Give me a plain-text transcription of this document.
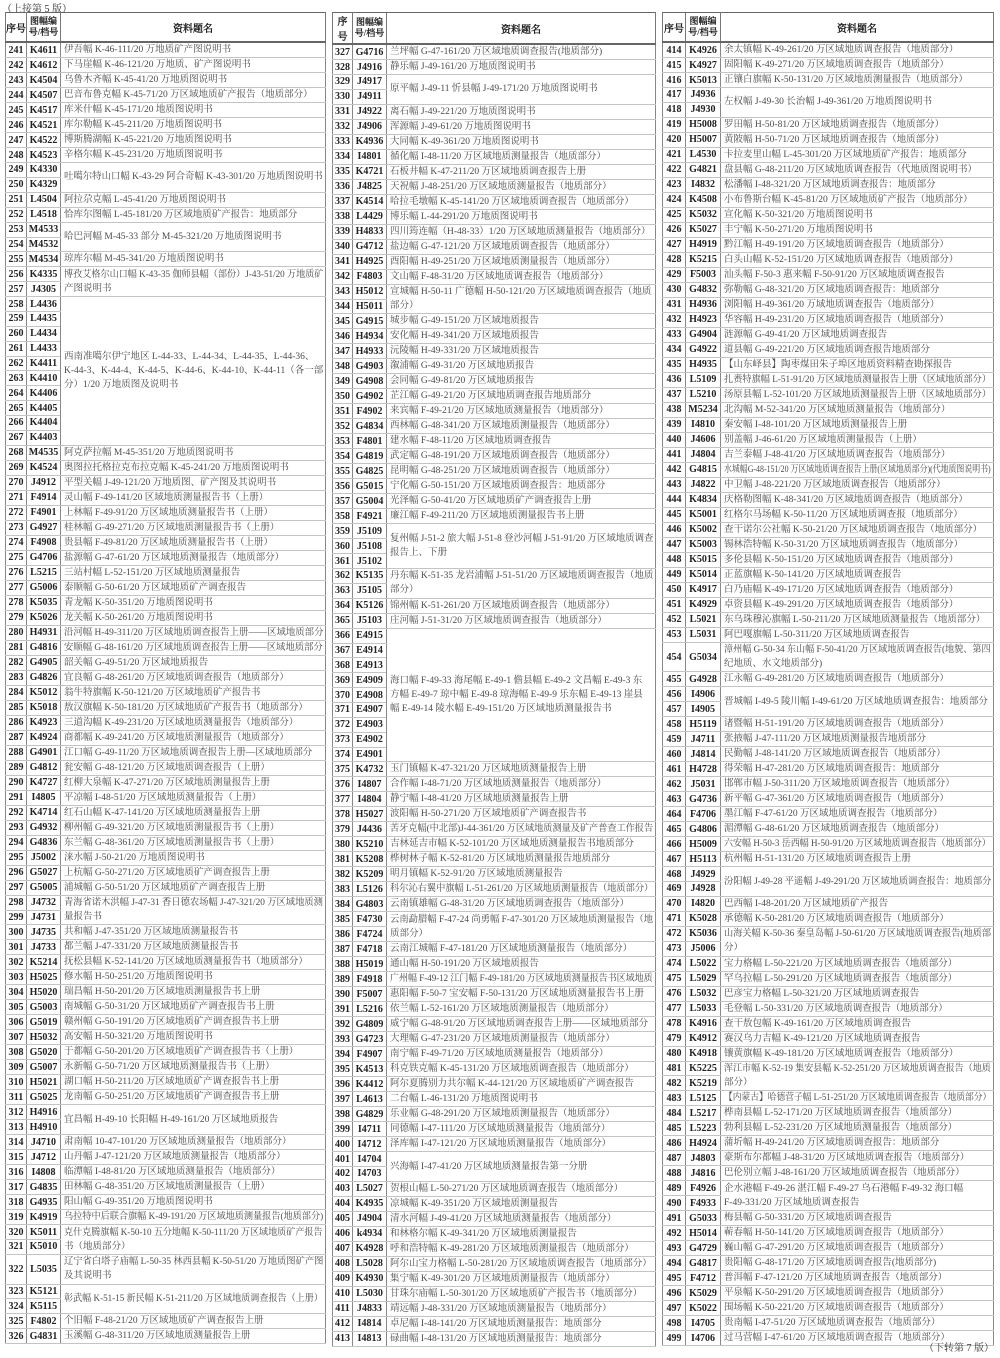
（上接第 5 版）
序号	图幅编号/档号	资料题名
241	K4611	伊吾幅 K-46-111/20 万地质矿产图说明书

242	K4612	下马崖幅 K-46-121/20 万地质、矿产图说明书

243	K4504	乌鲁木齐幅 K-45-41/20 万地质图说明书

244	K4507	巴音布鲁克幅 K-45-71/20 万区域地质矿产报告（地质部分）

245	K4517	库米什幅 K-45-171/20 地质图说明书

246	K4521	库尔勒幅 K-45-211/20 万地质图说明书

247	K4522	博斯腾湖幅 K-45-221/20 万地质图说明书

248	K4523	辛格尔幅 K-45-231/20 万地质图说明书

249	K4330	吐噶尔特山口幅 K-43-29 阿合奇幅 K-43-301/20 万地质图说明书

250	K4329	
251	L4504	阿拉尕克幅 L-45-41/20 万地质图说明书

252	L4518	恰库尔图幅 L-45-181/20 万区域地质矿产报告：地质部分

253	M4533	哈巴河幅 M-45-33 部分 M-45-321/20 万地质图说明书

254	M4532	
255	M4534	琼库尔幅 M-45-341/20 万地质图说明书

256	K4335	博孜艾格尔山口幅 K-43-35 伽师县幅（部份）J-43-51/20 万地质矿
产图说明书

257	J4305	
258	L4436	西南准噶尔伊宁地区 L-44-33、L-44-34、L-44-35、L-44-36、
K-44-3、K-44-4、K-44-5、K-44-6、K-44-10、K-44-11（各一部
分）1/20 万地质图及说明书

259	L4435	
260	L4434	
261	L4433	
262	K4411	
263	K4410	
264	K4406	
265	K4405	
266	K4404	
267	K4403	
268	M4535	阿克萨拉幅 M-45-351/20 万地质图说明书

269	K4524	奥图拉托格拉克布拉克幅 K-45-241/20 万地质图说明书

270	J4912	平型关幅 J-49-121/20 万地质图、矿产图及其说明书

271	F4914	灵山幅 F-49-141/20 区域地质测量报告书（上册）

272	F4901	上林幅 F-49-91/20 万区域地质测量报告书（上册）

273	G4927	桂林幅 G-49-271/20 万区域地质测量报告书（上册）

274	F4908	贵县幅 F-49-81/20 万区域地质测量报告书（上册）

275	G4706	盐源幅 G-47-61/20 万区域地质测量报告（地质部分）

276	L5215	三站村幅 L-52-151/20 万区域地质测量报告

277	G5006	泰顺幅 G-50-61/20 万区域地质矿产调查报告

278	K5035	青龙幅 K-50-351/20 万地质图说明书

279	K5026	龙关幅 K-50-261/20 万地质图说明书

280	H4931	沿河幅 H-49-311/20 万区域地质调查报告上册——区域地质部分

281	G4816	安顺幅 G-48-161/20 万区域地质调查报告上册——区域地质部分

282	G4905	韶关幅 G-49-51/20 万区域地质报告

283	G4826	宜良幅 G-48-261/20 万区域地质调查报告（地质部分）

284	K5012	翁牛特旗幅 K-50-121/20 万区域地质矿产报告书

285	K5018	敖汉旗幅 K-50-181/20 万区域地质矿产报告书（地质部分）

286	K4923	三道沟幅 K-49-231/20 万区域地质测量报告（地质部分）

287	K4924	商都幅 K-49-241/20 万区域地质测量报告（地质部分）

288	G4901	江口幅 G-49-11/20 万区域地质调查报告上册—区域地质部分

289	G4812	瓮安幅 G-48-121/20 万区域地质调查报告（上册）

290	K4727	红柳大泉幅 K-47-271/20 万区域地质测量报告上册

291	I4805	平凉幅 I-48-51/20 万区域地质测量报告（上册）

292	K4714	红石山幅 K-47-141/20 万区域地质测量报告上册

293	G4932	柳州幅 G-49-321/20 万区域地质测量报告书（上册）

294	G4836	东兰幅 G-48-361/20 万区域地质测量报告书（上册）

295	J5002	涞水幅 J-50-21/20 万地质图说明书

296	G5027	上杭幅 G-50-271/20 万区域地质矿产调查报告上册

297	G5005	浦城幅 G-50-51/20 万区域地质矿产调查报告上册

298	J4732	青海省诺木洪幅 J-47-31 香日德农场幅 J-47-321/20 万区域地质测
量报告书

299	J4731	
300	J4735	共和幅 J-47-351/20 万区域地质测量报告书

301	J4733	都兰幅 J-47-331/20 万区域地质测量报告书

302	K5214	抚松县幅 K-52-141/20 万区域地质测量报告书（地质部分）

303	H5025	修水幅 H-50-251/20 万地质图说明书

304	H5020	瑞昌幅 H-50-201/20 万区域地质测量报告书上册

305	G5003	南城幅 G-50-31/20 万区域地质矿产调查报告书上册

306	G5019	赣州幅 G-50-191/20 万区域地质矿产调查报告书上册

307	H5032	高安幅 H-50-321/20 万地质图说明书

308	G5020	于都幅 G-50-201/20 万区域地质矿产调查报告书（上册）

309	G5007	永新幅 G-50-71/20 万区域地质测量报告书（上册）

310	H5021	湖口幅 H-50-211/20 万区域地质矿产调查报告书上册

311	G5025	龙南幅 G-50-251/20 万区域地质矿产调查报告书上册

312	H4916	宜昌幅 H-49-10 长阳幅 H-49-161/20 万区域地质报告

313	H4910	
314	J4710	肃南幅 10-47-101/20 万区域地质测量报告（地质部分）

315	J4712	山丹幅 J-47-121/20 万区域地质测量报告（地质部分）

316	I4808	临潭幅 I-48-81/20 万区域地质测量报告（地质部分）

317	G4835	田林幅 G-48-351/20 万区域地质测量报告（上册）

318	G4935	阳山幅 G-49-351/20 万地质图说明书

319	K4919	乌拉特中后联合旗幅 K-49-191/20 万区域地质测量报告(地质部分)

320	K5011	克什克腾旗幅 K-50-10 五分地幅 K-50-111/20 万区域地质矿产报告
书（地质部分）

321	K5010	
322	L5035	辽宁省白塔子庙幅 L-50-35 林西县幅 K-50-51/20 万地质图矿产图
及其说明书

323	K5121	彰武幅 K-51-15 新民幅 K-51-211/20 万区域地质调查报告（上册）

324	K5115	
325	F4802	个旧幅 F-48-21/20 万区域地质矿产调查报告上册

326	G4831	玉溪幅 G-48-311/20 万区域地质测量报告上册
序号	图幅编号/档号	资料题名
327	G4716	兰坪幅 G-47-161/20 万区域地质调查报告(地质部分)

328	J4916	静乐幅 J-49-161/20 万地质图说明书

329	J4917	原平幅 J-49-11 忻县幅 J-49-171/20 万地质图说明书

330	J4911	
331	J4922	离石幅 J-49-221/20 万地质图说明书

332	J4906	浑源幅 J-49-61/20 万地质图说明书

333	K4936	大同幅 K-49-361/20 万地质图说明书

334	I4801	循化幅 I-48-11/20 万区域地质测量报告（地质部分）

335	K4721	石板井幅 K-47-211/20 万区域地质调查报告上册

336	J4825	天祝幅 J-48-251/20 万区域地质测量报告（地质部分）

337	K4514	哈拉毛墩幅 K-45-141/20 万区域地质调查报告（地质部分）

338	L4429	博乐幅 L-44-291/20 万地质图说明书

339	H4833	四川筠连幅（H-48-33）1/20 万区域地质测量报告（地质部分）

340	G4712	盐边幅 G-47-121/20 万区域地质调查报告（地质部分）

341	H4925	酉阳幅 H-49-251/20 万区域地质测量报告（地质部分）

342	F4803	文山幅 F-48-31/20 万区域地质调查报告（地质部分）

343	H5012	宣城幅 H-50-11 广德幅 H-50-121/20 万区域地质调查报告（地质
部分）

344	H5011	
345	G4915	城步幅 G-49-151/20 万区域地质报告

346	H4934	安化幅 H-49-341/20 万区域地质报告

347	H4933	沅陵幅 H-49-331/20 万区域地质报告

348	G4903	溆浦幅 G-49-31/20 万区域地质报告

349	G4908	会同幅 G-49-81/20 万区域地质报告

350	G4902	芷江幅 G-49-21/20 万区域地质调查报告地质部分

351	F4902	来宾幅 F-49-21/20 万区域地质测量报告（地质部分）

352	G4834	西林幅 G-48-341/20 万区域地质测量报告（地质部分）

353	F4801	建水幅 F-48-11/20 万区域地质调查报告

354	G4819	武定幅 G-48-191/20 万区域地质调查报告（地质部分）

355	G4825	昆明幅 G-48-251/20 万区域地质调查报告（地质部分）

356	G5015	宁化幅 G-50-151/20 万区域地质调查报告：地质部分

357	G5004	光泽幅 G-50-41/20 万区域地质矿产调查报告上册

358	F4921	廉江幅 F-49-211/20 万区域地质测量报告书上册

359	J5109	复州幅 J-51-2 旅大幅 J-51-8 登沙河幅 J-51-91/20 万区域地质调查
报告上、下册

360	J5108	
361	J5102	
362	K5135	丹东幅 K-51-35 龙岩浦幅 J-51-51/20 万区域地质调查报告（地质
部分）

363	J5105	
364	K5126	锦州幅 K-51-261/20 万区域地质调查报告（地质部分）

365	J5103	庄河幅 J-51-31/20 万区域地质调查报告（地质部分）

366	E4915	海口幅 F-49-33 海尾幅 E-49-1 儋县幅 E-49-2 文昌幅 E-49-3 东
方幅 E-49-7 琼中幅 E-49-8 琼海幅 E-49-9 乐东幅 E-49-13 崖县
幅 E-49-14 陵水幅 E-49-151/20 万区域地质测量报告书

367	E4914	
368	E4913	
369	E4909	
370	E4908	
371	E4907	
372	E4903	
373	E4902	
374	E4901	
375	K4732	玉门镇幅 K-47-321/20 万区域地质测量报告上册

376	I4807	合作幅 I-48-71/20 万区域地质测量报告（地质部分）

377	I4804	静宁幅 I-48-41/20 万区域地质测量报告上册

378	H5027	波阳幅 H-50-271/20 万区域地质矿产调查报告书

379	J4436	苦牙克幅(中北部)J-44-361/20 万区域地质测量及矿产普查工作报告

380	K5210	吉林延吉市幅 K-52-101/20 万区域地质测量报告书地质部分

381	K5208	桦树林子幅 K-52-81/20 万区域地质测量报告地质部分

382	K5209	明月镇幅 K-52-91/20 万区域地质测量报告

383	L5126	科尔沁右翼中旗幅 L-51-261/20 万区域地质测量报告（地质部分）

384	G4803	云南镇雄幅 G-48-31/20 万区域地质调查报告（地质部分）

385	F4730	云南勐腊幅 F-47-24 尚勇幅 F-47-301/20 万区域地质测量报告（地
质部分）

386	F4724	
387	F4718	云南江城幅 F-47-181/20 万区域地质测量报告（地质部分）

388	H5019	通山幅 H-50-191/20 万区域地质报告

389	F4918	广州幅 F-49-12 江门幅 F-49-181/20 万区域地质测量报告书区域地质

390	F5007	惠阳幅 F-50-7 宝安幅 F-50-131/20 万区域地质测量报告书上册

391	L5216	依兰幅 L-52-161/20 万区域地质测量报告（地质部分）

392	G4809	威宁幅 G-48-91/20 万区域地质调查报告上册——区域地质部分

393	G4723	大理幅 G-47-231/20 万区域地质测量报告（地质部分）

394	F4907	南宁幅 F-49-71/20 万区域地质测量报告（地质部分）

395	K4513	科克铁克幅 K-45-131/20 万区域地质调查报告（地质部分）

396	K4412	阿尔夏腾别力共尔幅 K-44-121/20 万区域地质矿产调查报告

397	L4613	二台幅 L-46-131/20 万地质图说明书

398	G4829	乐业幅 G-48-291/20 万区域地质测量报告（地质部分）

399	I4711	同德幅 I-47-111/20 万区域地质测量报告（地质部分）

400	I4712	泽库幅 I-47-121/20 万区域地质测量报告（地质部分）

401	I4704	兴海幅 I-47-41/20 万区域地质测量报告第一分册

402	I4703	
403	L5027	贺根山幅 L-50-271/20 万区域地质调查报告（地质部分）

404	K4935	凉城幅 K-49-351/20 万区域地质测量报告

405	J4904	清水河幅 J-49-41/20 万区域地质测量报告（地质部分）

406	k4934	和林格尔幅 K-49-341/20 万区域地质测量报告

407	K4928	呼和浩特幅 K-49-281/20 万区域地质测量报告（地质部分）

408	L5028	阿尔山宝力格幅 L-50-281/20 万区域地质调查报告（地质部分）

409	K4930	集宁幅 K-49-301/20 万区域地质测量报告（地质部分）

410	L5030	甘珠尔庙幅 L-50-301/20 万区域地质矿产报告书（地质部分）

411	J4833	靖远幅 J-48-331/20 万区域地质测量报告（地质部分）

412	I4814	卓尼幅 I-48-141/20 万区域地质测量报告：地质部分

413	I4813	碌曲幅 I-48-131/20 万区域地质测量报告：地质部分
序号	图幅编号/档号	资料题名
414	K4926	余太镇幅 K-49-261/20 万区域地质调查报告（地质部分）

415	K4927	固阳幅 K-49-271/20 万区域地质调查报告（地质部分）

416	K5013	正镶白旗幅 K-50-131/20 万区域地质测量报告（地质部分）

417	J4936	左权幅 J-49-30 长治幅 J-49-361/20 万地质图说明书

418	J4930	
419	H5008	罗田幅 H-50-81/20 万区域地质调查报告（地质部分）

420	H5007	黄陂幅 H-50-71/20 万区域地质调查报告（地质部分）

421	L4530	卡拉麦里山幅 L-45-301/20 万区域地质矿产报告：地质部分

422	G4821	盘县幅 G-48-211/20 万区域地质调查报告（代地质图说明书）

423	I4832	松潘幅 I-48-321/20 万区域地质调查报告：地质部分

424	K4508	小布鲁斯台幅 K-45-81/20 万区域地质矿产报告（地质部分）

425	K5032	宣化幅 K-50-321/20 万地质图说明书

426	K5027	丰宁幅 K-50-271/20 万地质图说明书

427	H4919	黔江幅 H-49-191/20 万区域地质调查报告（地质部分）

428	K5215	白头山幅 K-52-151/20 万区域地质调查报告（地质部分）

429	F5003	汕头幅 F-50-3 惠来幅 F-50-91/20 万区域地质调查报告

430	G4832	弥勒幅 G-48-321/20 万区域地质调查报告：地质部分

431	H4936	浏阳幅 H-49-361/20 万域地质调查报告（地质部分）

432	H4923	华容幅 H-49-231/20 万区域地质调查报告（地质部分）

433	G4904	涟源幅 G-49-41/20 万区域地质调查报告

434	G4922	道县幅 G-49-221/20 万区域地质调查报告地质部分

435	H4935	【山东峄县】陶枣煤田朱子埠区地质资料精查勘探报告

436	L5109	扎赉特旗幅 L-51-91/20 万区域地质测量报告上册（区域地质部分）

437	L5210	汤原县幅 L-52-101/20 万区域地质测量报告上册（区域地质部分）

438	M5234	北沟幅 M-52-341/20 万区域地质测量报告（地质部分）

439	I4810	秦安幅 I-48-101/20 万区域地质测量报告上册

440	J4606	别盖幅 J-46-61/20 万区域地质测量报告（上册）

441	J4804	吉兰泰幅 J-48-41/20 万区域地质调查报告（地质部分）

442	G4815	水城幅G-48-151/20 万区域地质调查报告上册(区域地质部分)(代地质图说明书)

443	J4822	中卫幅 J-48-221/20 万区域地质调查报告（地质部分）

444	K4834	庆格勒图幅 K-48-341/20 万区域地质调查报告（地质部分）

445	K5001	红格尔马场幅 K-50-11/20 万区域地质调查报（地质部分）

446	K5002	查干诺尔公社幅 K-50-21/20 万区域地质调查报告（地质部分）

447	K5003	锡林浩特幅 K-50-31/20 万区域地质调查报告（地质部分）

448	K5015	多伦县幅 K-50-151/20 万区域地质调查报告（地质部分）

449	K5014	正蓝旗幅 K-50-141/20 万区域地质调查报告

450	K4917	白乃庙幅 K-49-171/20 万区域地质调查报告（地质部分）

451	K4929	卓资县幅 K-49-291/20 万区域地质调查报告（地质部分）

452	L5021	东乌珠穆沁旗幅 L-50-211/20 万区域地质测量报告（地质部分）

453	L5031	阿巴嘎旗幅 L-50-311/20 万区域地质调查报告

454	G5034	漳州幅 G-50-34 东山幅 F-50-41/20 万区域地质调查报告(地貌、第四
纪地质、水文地质部分)

455	G4928	江永幅 G-49-281/20 万区域地质调查报告（地质部分）

456	I4906	晋城幅 I-49-5 陵川幅 I-49-61/20 万区域地质调查报告：地质部分

457	I4905	
458	H5119	诸暨幅 H-51-191/20 万区域地质调查报告（地质部分）

459	J4711	张掖幅 J-47-111/20 万区域地质测量报告地质部分

460	J4814	民勤幅 J-48-141/20 万区域地质调查报告（地质部分）

461	H4728	得荣幅 H-47-281/20 万区域地质调查报告：地质部分

462	J5031	邯郸市幅 J-50-311/20 万区域地质调查报告（地质部分）

463	G4736	新平幅 G-47-361/20 万区域地质调查报告（地质部分）

464	F4706	墨江幅 F-47-61/20 万区域地质调查报告（地质部分）

465	G4806	湄潭幅 G-48-61/20 万区域地质调查报告（地质部分）

466	H5009	六安幅 H-50-3 岳西幅 H-50-91/20 万区域地质调查报告（地质部分）

467	H5113	杭州幅 H-51-131/20 万区域地质调查报告上册

468	J4929	汾阳幅 J-49-28 平遥幅 J-49-291/20 万区域地质调查报告：地质部分

469	J4928	
470	I4820	巴西幅 I-48-201/20 万区域地质矿产报告

471	K5028	承德幅 K-50-281/20 万区域地质调查报告（地质部分）

472	K5036	山海关幅 K-50-36 秦皇岛幅 J-50-61/20 万区域地质调查报告(地质部
分）

473	J5006	
474	L5022	宝力格幅 L-50-221/20 万区域地质调查报告（地质部分）

475	L5029	罕乌拉幅 L-50-291/20 万区域地质调查报告（地质部分）

476	L5032	巴彦宝力格幅 L-50-321/20 万区域地质调查报告

477	L5033	毛登幅 L-50-331/20 万区域地质调查报告（地质部分）

478	K4916	查干敖包幅 K-49-161/20 万区域地质调查报告

479	K4912	赛汉乌力吉幅 K-49-121/20 万区域地质调查报告

480	K4918	镶黄旗幅 K-49-181/20 万区域地质调查报告（地质部分）

481	K5225	浑江市幅 K-52-19 集安县幅 K-52-251/20 万区域地质调查报告（地质
部分）

482	K5219	
483	L5125	【内蒙古】哈德营子幅 L-51-251/20 万区域地质调查报告（地质部分）

484	L5217	桦南县幅 L-52-171/20 万区域地质调查报告（地质部分）

485	L5223	勃利县幅 L-52-231/20 万区域地质测量报告（地质部分）

486	H4924	蒲圻幅 H-49-241/20 万区域地质调查报告：地质部分

487	J4803	豪斯布尔都幅 J-48-31/20 万区域地质调查报告（地质部分）

488	J4816	巴伦别立幅 J-48-161/20 万区域地质调查报告（地质部分）

489	F4926	企水港幅 F-49-26 湛江幅 F-49-27 乌石港幅 F-49-32 海口幅
F-49-331/20 万区域地质调查报告

490	F4933	
491	G5033	梅县幅 G-50-331/20 万区域地质调查报告

492	H5014	蕲春幅 H-50-141/20 万区域地质调查报告（地质部分）

493	G4729	巍山幅 G-47-291/20 万区域地质调查报告（地质部分）

494	G4817	贵阳幅 G-48-171/20 万区域地质调查报告(地质部分)

495	F4712	普洱幅 F-47-121/20 万区域地质调查报告（地质部分）

496	K5029	平泉幅 K-50-291/20 万区域地质调查报告（地质部分）

497	K5022	围场幅 K-50-221/20 万区域地质调查报告（地质部分）

498	I4705	贵南幅 I-47-51/20 万区域地质调查报告（地质部分）

499	I4706	过马营幅 I-47-61/20 万区域地质调查报告（地质部分）
（下转第 7 版）
